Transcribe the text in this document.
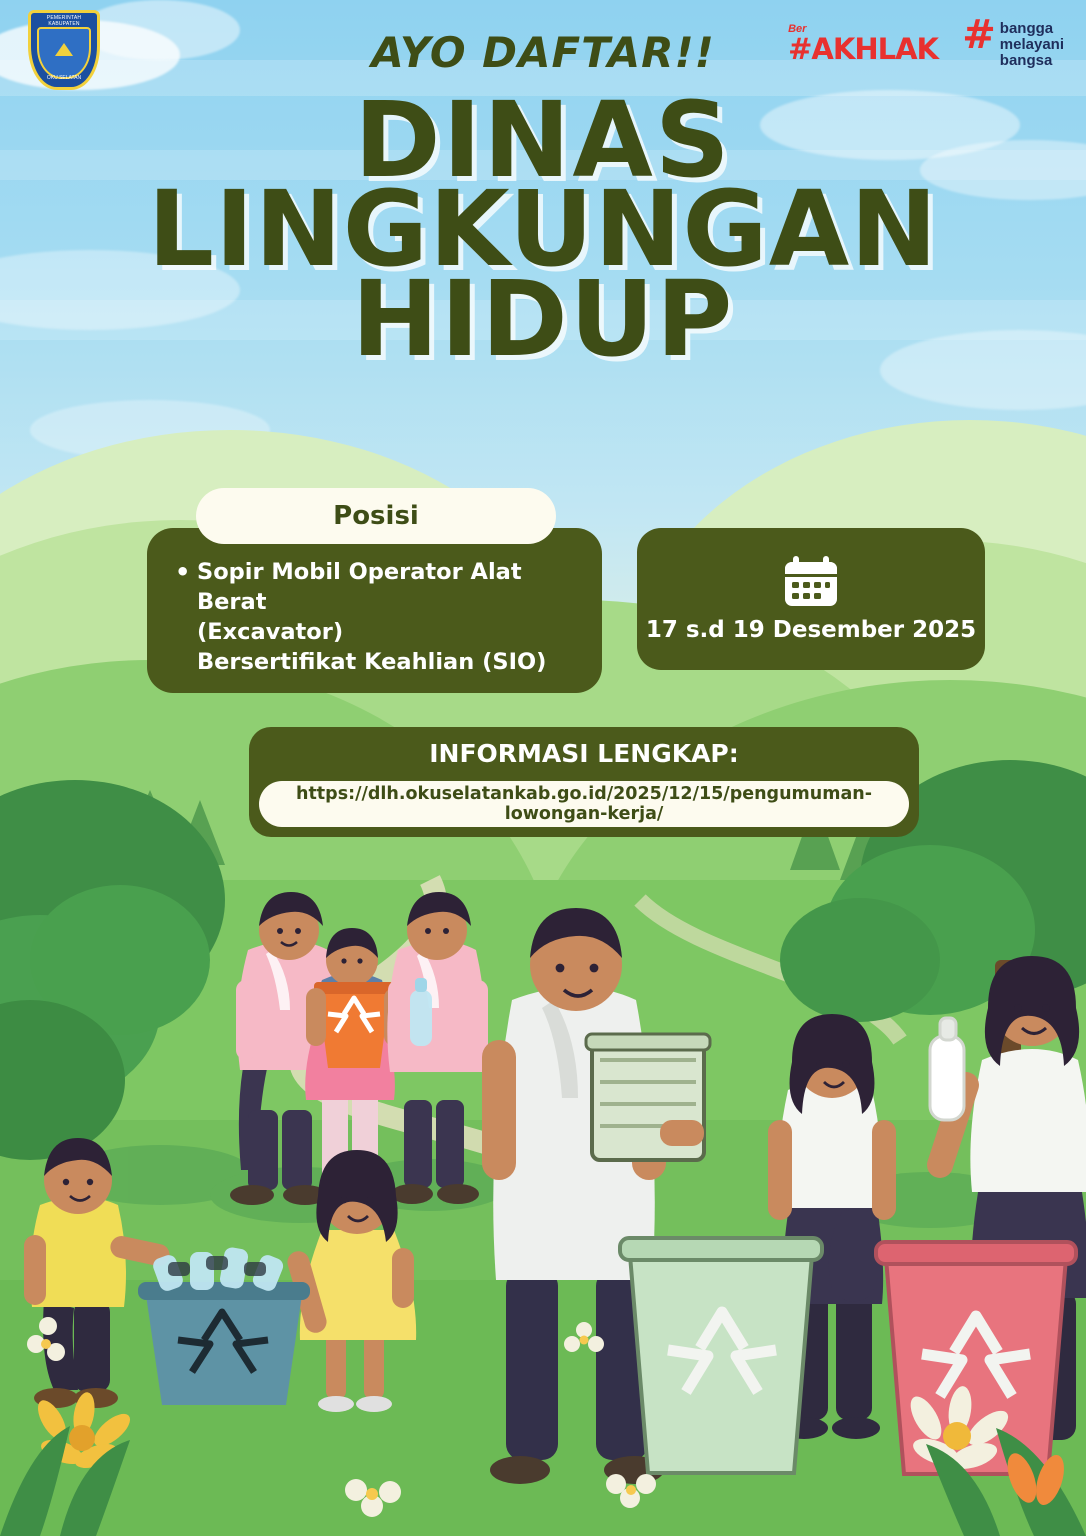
PEMERINTAH KABUPATEN
OKU SELATAN
Ber
#AKHLAK # bangga
melayani
bangsa
AYO DAFTAR!!
DINAS
LINGKUNGAN
HIDUP
• Sopir Mobil Operator Alat Berat
(Excavator)
Bersertifikat Keahlian (SIO)
Posisi
17 s.d 19 Desember 2025
INFORMASI LENGKAP:
https://dlh.okuselatankab.go.id/2025/12/15/pengumuman-lowongan-kerja/
